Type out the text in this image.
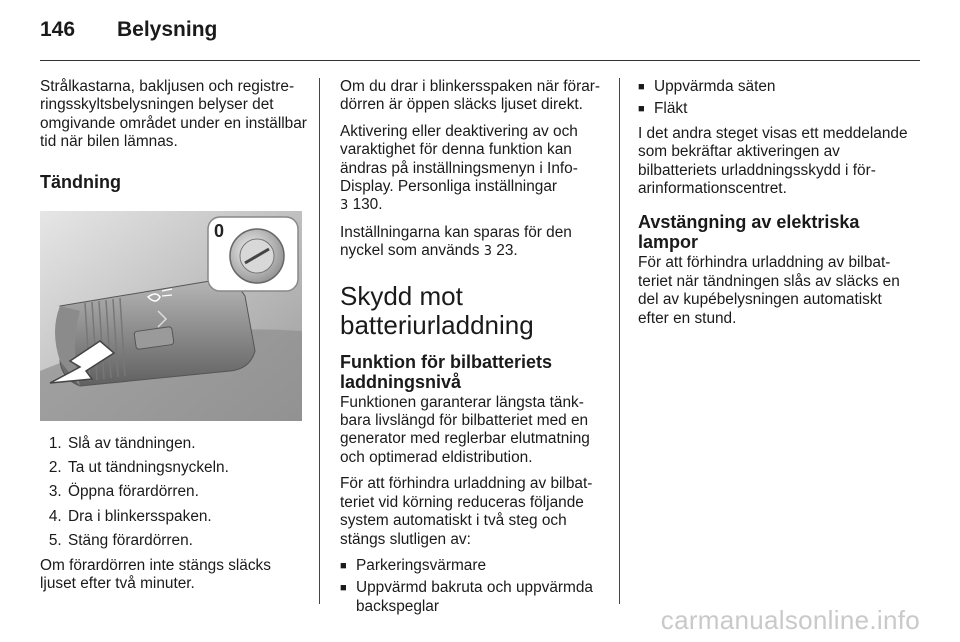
146 Belysning

Strålkastarna, bakljusen och registreringsskyltsbelysningen belyser det omgivande området under en inställbar tid när bilen lämnas.

Tändning
0
1. Slå av tändningen.
2. Ta ut tändningsnyckeln.
3. Öppna förardörren.
4. Dra i blinkersspaken.
5. Stäng förardörren.

Om förardörren inte stängs släcks ljuset efter två minuter.

Om du drar i blinkersspaken när förardörren är öppen släcks ljuset direkt.

Aktivering eller deaktivering av och varaktighet för denna funktion kan ändras på inställningsmenyn i Info-Display. Personliga inställningar
3 130.

Inställningarna kan sparas för den nyckel som används 3 23.

Skydd mot batteriurladdning
Funktion för bilbatteriets laddningsnivå

Funktionen garanterar längsta tänkbara livslängd för bilbatteriet med en generator med reglerbar elutmatning och optimerad eldistribution.

För att förhindra urladdning av bilbatteriet vid körning reduceras följande system automatiskt i två steg och stängs slutligen av:

■ Parkeringsvärmare
■ Uppvärmd bakruta och uppvärmda backspeglar
■ Uppvärmda säten
■ Fläkt

I det andra steget visas ett meddelande som bekräftar aktiveringen av bilbatteriets urladdningsskydd i förarinformationscentret.

Avstängning av elektriska lampor

För att förhindra urladdning av bilbatteriet när tändningen slås av släcks en del av kupébelysningen automatiskt efter en stund.

carmanualsonline.info
